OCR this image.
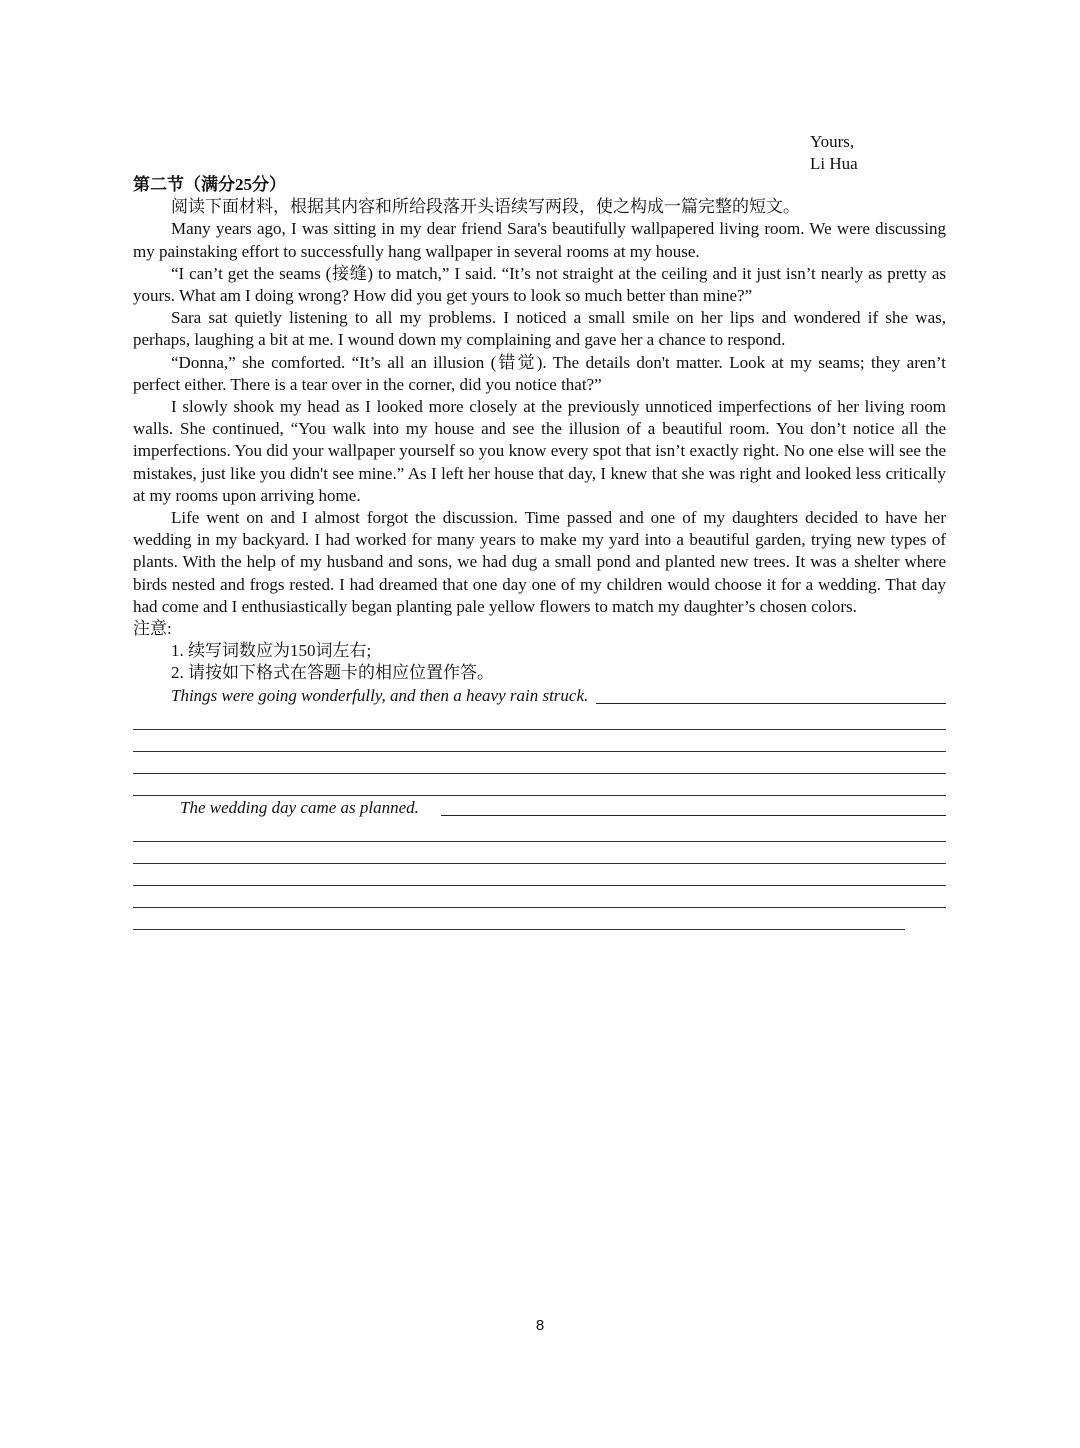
Yours,
Li Hua
第二节（满分25分）

阅读下面材料，根据其内容和所给段落开头语续写两段，使之构成一篇完整的短文。

Many years ago, I was sitting in my dear friend Sara's beautifully wallpapered living room. We were discussing my painstaking effort to successfully hang wallpaper in several rooms at my house.

“I can’t get the seams (接缝) to match,” I said. “It’s not straight at the ceiling and it just isn’t nearly as pretty as yours. What am I doing wrong? How did you get yours to look so much better than mine?”

Sara sat quietly listening to all my problems. I noticed a small smile on her lips and wondered if she was, perhaps, laughing a bit at me. I wound down my complaining and gave her a chance to respond.

“Donna,” she comforted. “It’s all an illusion (错觉). The details don't matter. Look at my seams; they aren’t perfect either. There is a tear over in the corner, did you notice that?”

I slowly shook my head as I looked more closely at the previously unnoticed imperfections of her living room walls. She continued, “You walk into my house and see the illusion of a beautiful room. You don’t notice all the imperfections. You did your wallpaper yourself so you know every spot that isn’t exactly right. No one else will see the mistakes, just like you didn't see mine.” As I left her house that day, I knew that she was right and looked less critically at my rooms upon arriving home.

Life went on and I almost forgot the discussion. Time passed and one of my daughters decided to have her wedding in my backyard. I had worked for many years to make my yard into a beautiful garden, trying new types of plants. With the help of my husband and sons, we had dug a small pond and planted new trees. It was a shelter where birds nested and frogs rested. I had dreamed that one day one of my children would choose it for a wedding. That day had come and I enthusiastically began planting pale yellow flowers to match my daughter’s chosen colors.

注意:

1. 续写词数应为150词左右;

2. 请按如下格式在答题卡的相应位置作答。

Things were going wonderfully, and then a heavy rain struck.
The wedding day came as planned.
8
